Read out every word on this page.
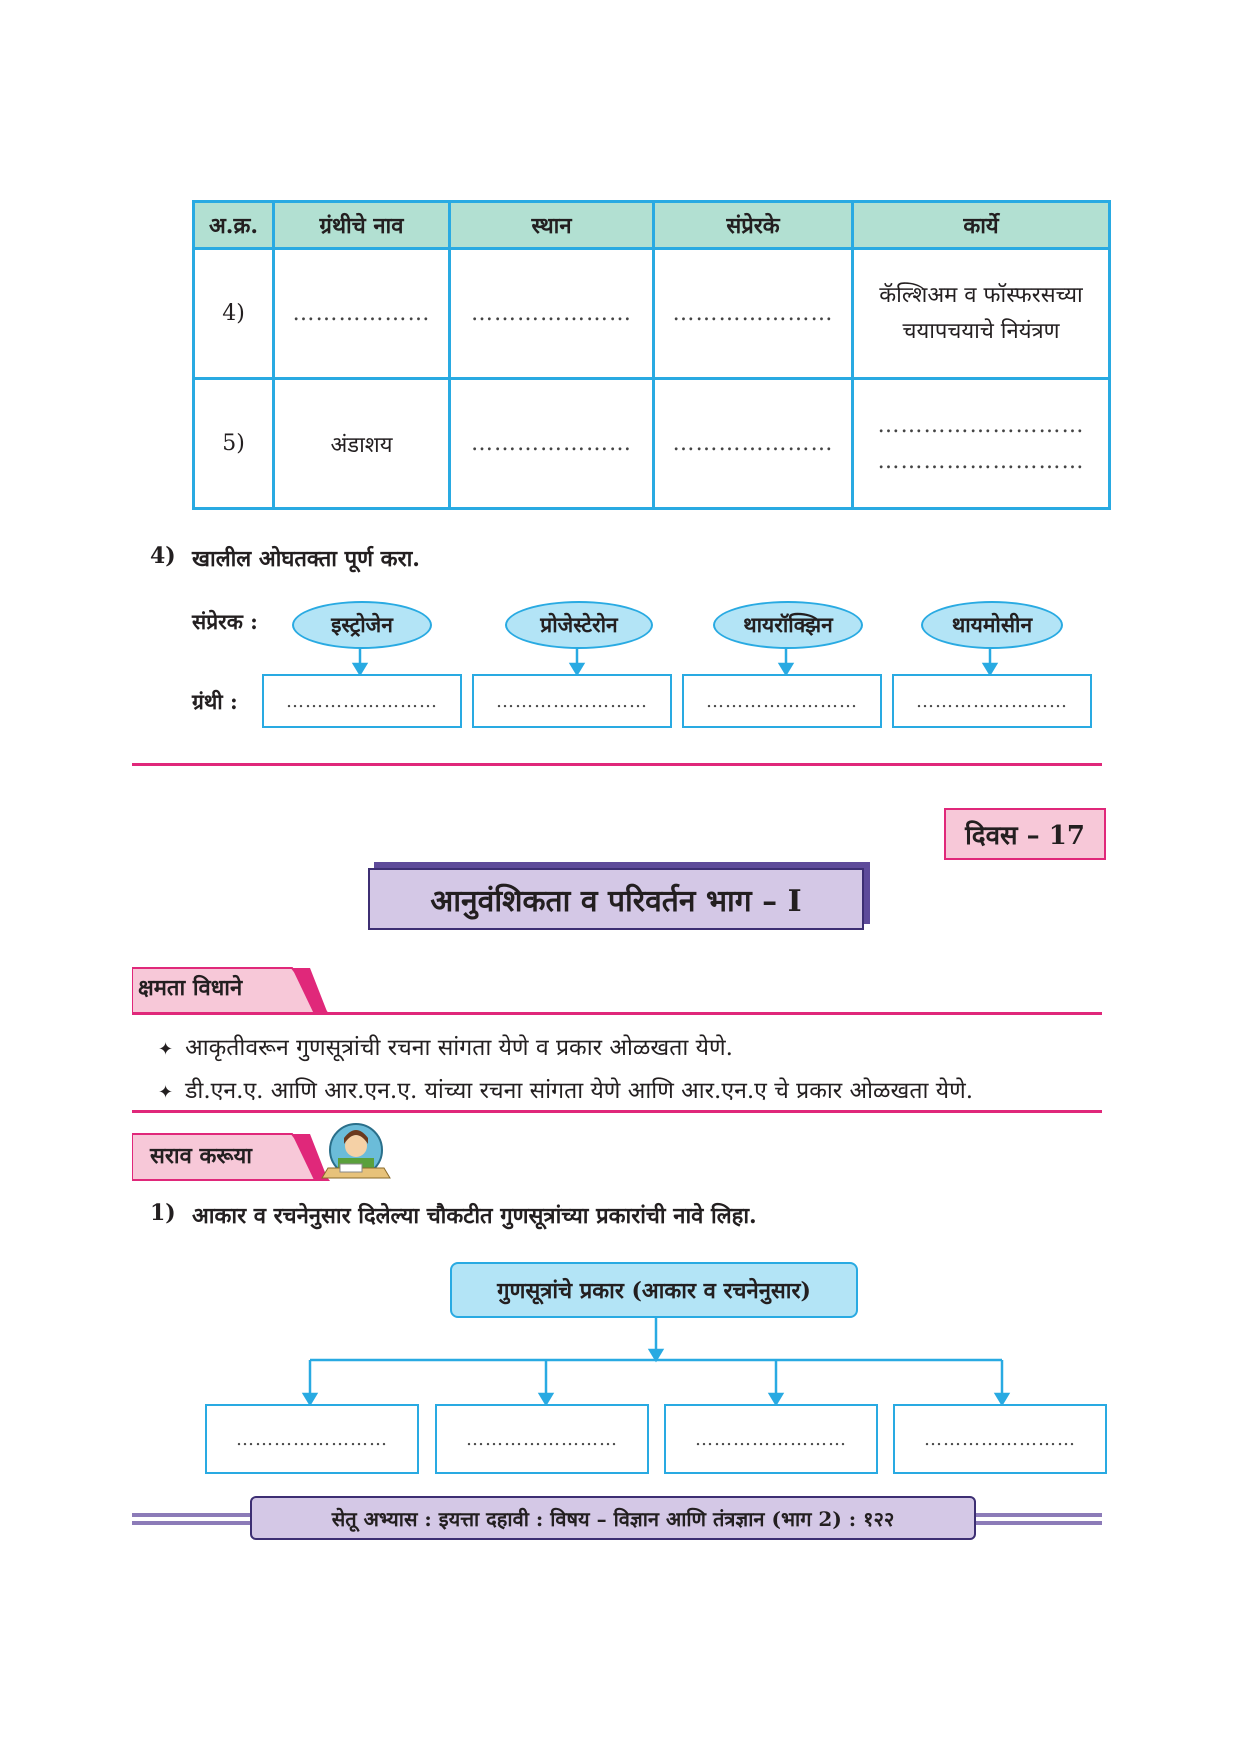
अ.क्र.	ग्रंथीचे नाव	स्थान	संप्रेरके	कार्ये
4)	………………	…………………	…………………	कॅल्शिअम व फॉस्फरसच्या
चयापचयाचे नियंत्रण

5)	अंडाशय	…………………	…………………	………………………
………………………
4) खालील ओघतक्ता पूर्ण करा.
संप्रेरक :
ग्रंथी :
इस्ट्रोजेन	प्रोजेस्टेरोन	थायरॉक्झिन	थायमोसीन
……………………	……………………	……………………	……………………
दिवस – 17
आनुवंशिकता व परिवर्तन भाग – I
क्षमता विधाने
✦ आकृतीवरून गुणसूत्रांची रचना सांगता येणे व प्रकार ओळखता येणे.
✦ डी.एन.ए. आणि आर.एन.ए. यांच्या रचना सांगता येणे आणि आर.एन.ए चे प्रकार ओळखता येणे.
सराव करूया
1) आकार व रचनेनुसार दिलेल्या चौकटीत गुणसूत्रांच्या प्रकारांची नावे लिहा.
गुणसूत्रांचे प्रकार (आकार व रचनेनुसार)
……………………	……………………	……………………	……………………
सेतू अभ्यास : इयत्ता दहावी : विषय – विज्ञान आणि तंत्रज्ञान (भाग 2) : १२२
